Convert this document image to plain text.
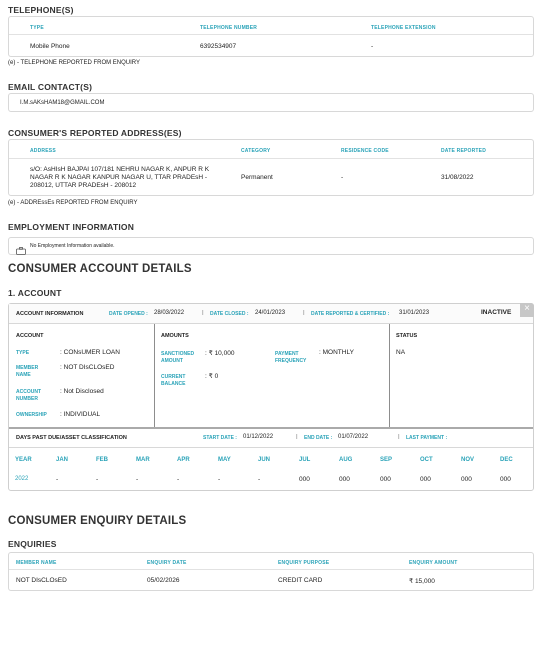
TELEPHONE(S)
TYPE	TELEPHONE NUMBER	TELEPHONE EXTENSION
Mobile Phone	6392534907	-
(e) - TELEPHONE REPORTED FROM ENQUIRY
EMAIL CONTACT(S)
I.M.sAKsHAM18@GMAIL.COM
CONSUMER'S REPORTED ADDRESS(ES)
ADDRESS	CATEGORY	RESIDENCE CODE	DATE REPORTED
s/O: AsHIsH BAJPAI 107/181 NEHRU NAGAR K, ANPUR R K
NAGAR R K NAGAR KANPUR NAGAR U, TTAR PRADEsH -
208012, UTTAR PRADEsH - 208012
Permanent	-	31/08/2022
(e) - ADDREssEs REPORTED FROM ENQUIRY
EMPLOYMENT INFORMATION
No Employment Information available.
CONSUMER ACCOUNT DETAILS
1. ACCOUNT
ACCOUNT INFORMATION	DATE OPENED : 28/03/2022	| DATE CLOSED : 24/01/2023	| DATE REPORTED & CERTIFIED : 31/01/2023	INACTIVE	×
ACCOUNT
TYPE	: CONsUMER LOAN
MEMBER
NAME
: NOT DIsCLOsED
ACCOUNT
NUMBER
: Not Disclosed
OWNERSHIP : INDIVIDUAL
AMOUNTS
SANCTIONED
AMOUNT
: ₹ 10,000	PAYMENT
FREQUENCY
: MONTHLY
CURRENT
BALANCE
: ₹ 0
STATUS
NA
DAYS PAST DUE/ASSET CLASSIFICATION	START DATE : 01/12/2022	| END DATE : 01/07/2022	| LAST PAYMENT :
YEAR	JAN	FEB	MAR	APR	MAY	JUN	JUL	AUG	SEP	OCT	NOV	DEC
2022	-	-	-	-	-	-	000	000	000	000	000	000
CONSUMER ENQUIRY DETAILS
ENQUIRIES
MEMBER NAME	ENQUIRY DATE	ENQUIRY PURPOSE	ENQUIRY AMOUNT
NOT DIsCLOsED	05/02/2026	CREDIT CARD	₹ 15,000
